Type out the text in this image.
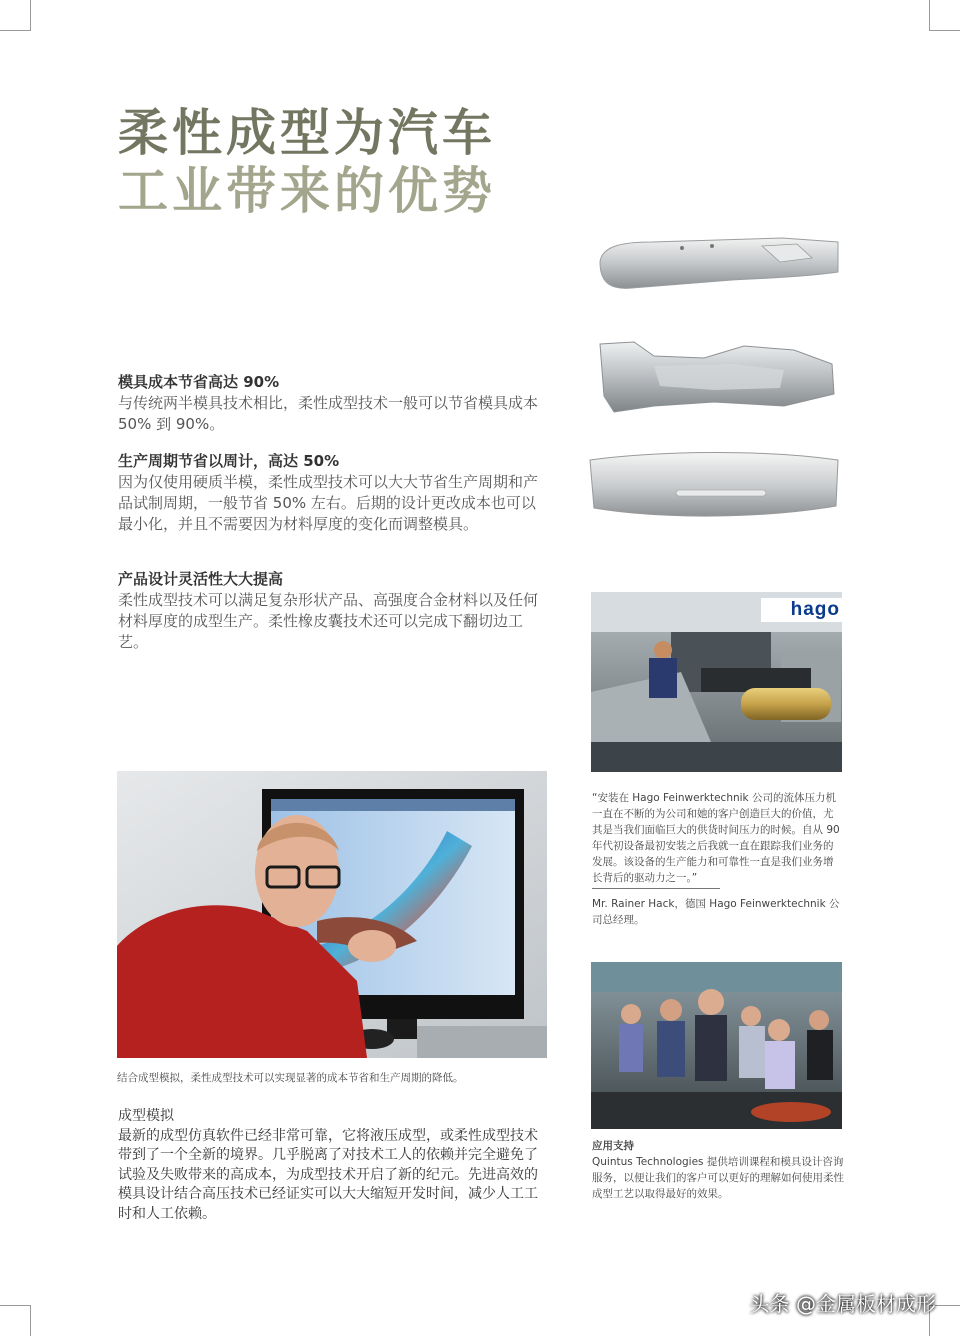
柔性成型为汽车
工业带来的优势
模具成本节省高达 90%
与传统两半模具技术相比，柔性成型技术一般可以节省模具成本 50% 到 90%。
生产周期节省以周计，高达 50%
因为仅使用硬质半模，柔性成型技术可以大大节省生产周期和产品试制周期，一般节省 50% 左右。后期的设计更改成本也可以最小化，并且不需要因为材料厚度的变化而调整模具。
产品设计灵活性大大提高
柔性成型技术可以满足复杂形状产品、高强度合金材料以及任何材料厚度的成型生产。柔性橡皮囊技术还可以完成下翻切边工艺。
hago
“安装在 Hago Feinwerktechnik 公司的流体压力机一直在不断的为公司和她的客户创造巨大的价值，尤其是当我们面临巨大的供货时间压力的时候。自从 90 年代初设备最初安装之后我就一直在跟踪我们业务的发展。该设备的生产能力和可靠性一直是我们业务增长背后的驱动力之一。”
Mr. Rainer Hack，德国 Hago Feinwerktechnik 公司总经理。
结合成型模拟，柔性成型技术可以实现显著的成本节省和生产周期的降低。
成型模拟
最新的成型仿真软件已经非常可靠，它将液压成型，或柔性成型技术带到了一个全新的境界。几乎脱离了对技术工人的依赖并完全避免了试验及失败带来的高成本，为成型技术开启了新的纪元。先进高效的模具设计结合高压技术已经证实可以大大缩短开发时间，减少人工工时和人工依赖。
应用支持
Quintus Technologies 提供培训课程和模具设计咨询服务，以便让我们的客户可以更好的理解如何使用柔性成型工艺以取得最好的效果。
头条 @金属板材成形
